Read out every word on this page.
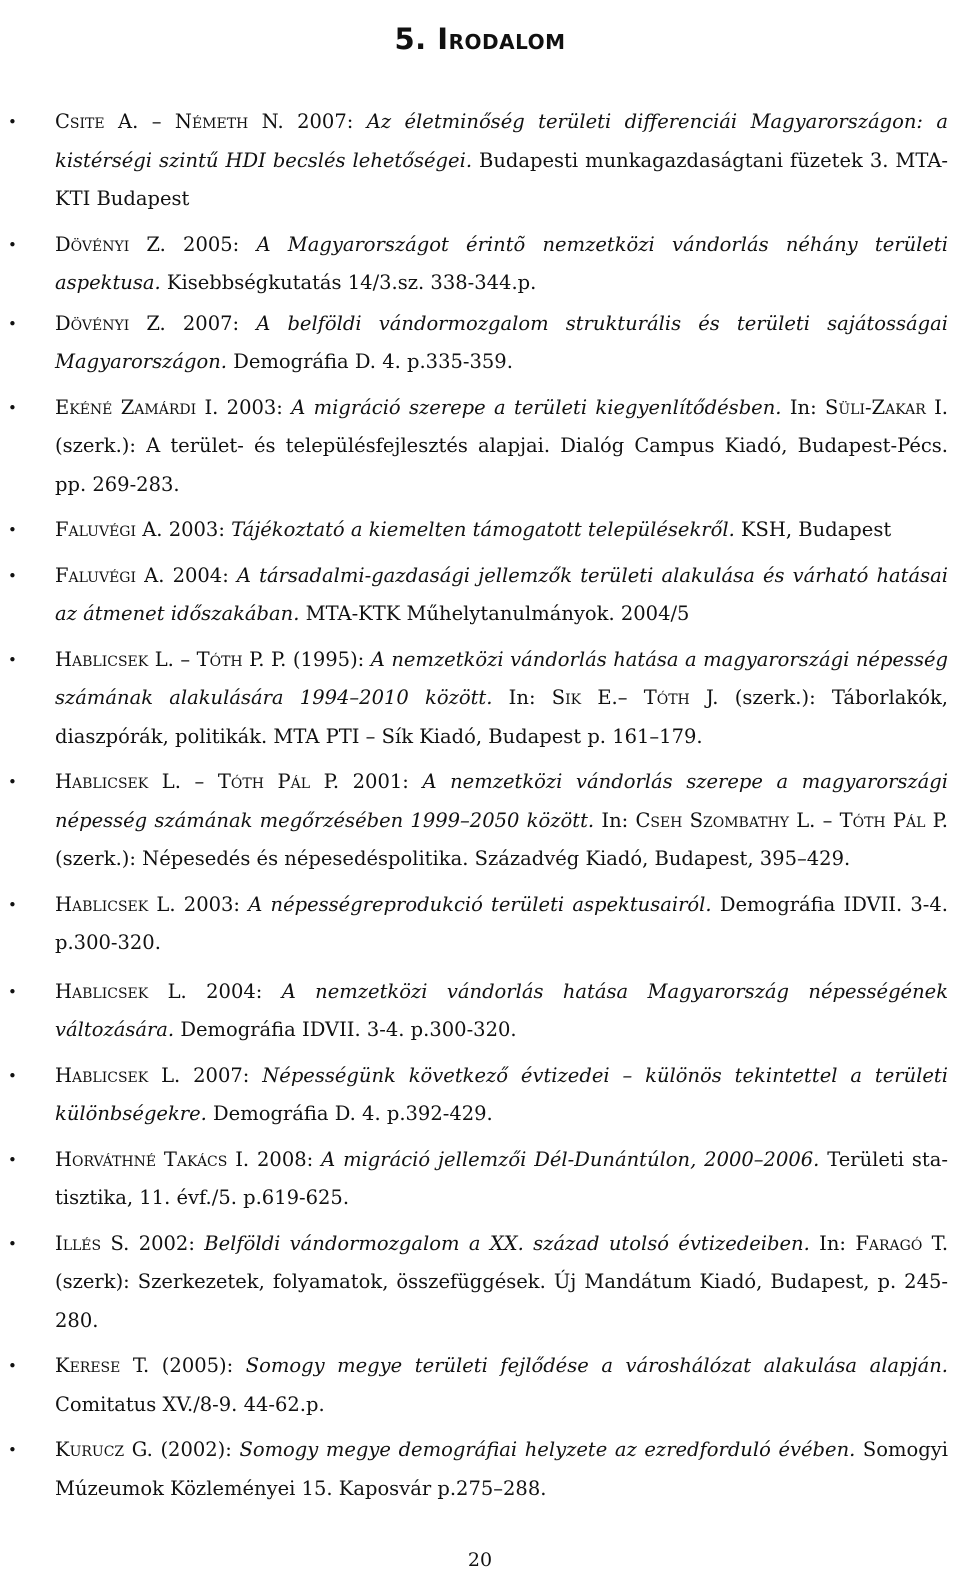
5. Irodalom
• Csite A. – Németh N. 2007: Az életminőség területi differenciái Magyarországon: a kistérségi szintű HDI becslés lehetőségei. Budapesti munkagazdaságtani füzetek 3. MTA-KTI Budapest
• Dövényi Z. 2005: A Magyarországot érintõ nemzetközi vándorlás néhány területi aspektusa. Kisebbségkutatás 14/3.sz. 338-344.p.
• Dövényi Z. 2007: A belföldi vándormozgalom strukturális és területi sajátosságai Magyarországon. Demográfia D. 4. p.335-359.
• Ekéné Zamárdi I. 2003: A migráció szerepe a területi kiegyenlítődésben. In: Süli-Zakar I. (szerk.): A terület- és településfejlesztés alapjai. Dialóg Campus Kiadó, Budapest-Pécs. pp. 269-283.
• Faluvégi A. 2003: Tájékoztató a kiemelten támogatott településekről. KSH, Budapest
• Faluvégi A. 2004: A társadalmi-gazdasági jellemzők területi alakulása és várható hatásai az átmenet időszakában. MTA-KTK Műhelytanulmányok. 2004/5
• Hablicsek L. – Tóth P. P. (1995): A nemzetközi vándorlás hatása a magyarországi népesség számának alakulására 1994–2010 között. In: Sik E.– Tóth J. (szerk.): Táborlakók, diaszpórák, politikák. MTA PTI – Sík Kiadó, Budapest p. 161–179.
• Hablicsek L. – Tóth Pál P. 2001: A nemzetközi vándorlás szerepe a magyarországi népesség számának megőrzésében 1999–2050 között. In: Cseh Szombathy L. – Tóth Pál P. (szerk.): Népesedés és népesedéspolitika. Századvég Kiadó, Budapest, 395–429.
• Hablicsek L. 2003: A népességreprodukció területi aspektusairól. Demográfia IDVII. 3-4. p.300-320.
• Hablicsek L. 2004: A nemzetközi vándorlás hatása Magyarország népességének változására. Demográfia IDVII. 3-4. p.300-320.
• Hablicsek L. 2007: Népességünk következő évtizedei – különös tekintettel a területi különbségekre. Demográfia D. 4. p.392-429.
• Horváthné Takács I. 2008: A migráció jellemzői Dél-Dunántúlon, 2000–2006. Területi statisztika, 11. évf./5. p.619-625.
• Illés S. 2002: Belföldi vándormozgalom a XX. század utolsó évtizedeiben. In: Faragó T. (szerk): Szerkezetek, folyamatok, összefüggések. Új Mandátum Kiadó, Budapest, p. 245-280.
• Kerese T. (2005): Somogy megye területi fejlődése a városhálózat alakulása alapján. Comitatus XV./8-9. 44-62.p.
• Kurucz G. (2002): Somogy megye demográfiai helyzete az ezredforduló évében. Somogyi Múzeumok Közleményei 15. Kaposvár p.275–288.
20
